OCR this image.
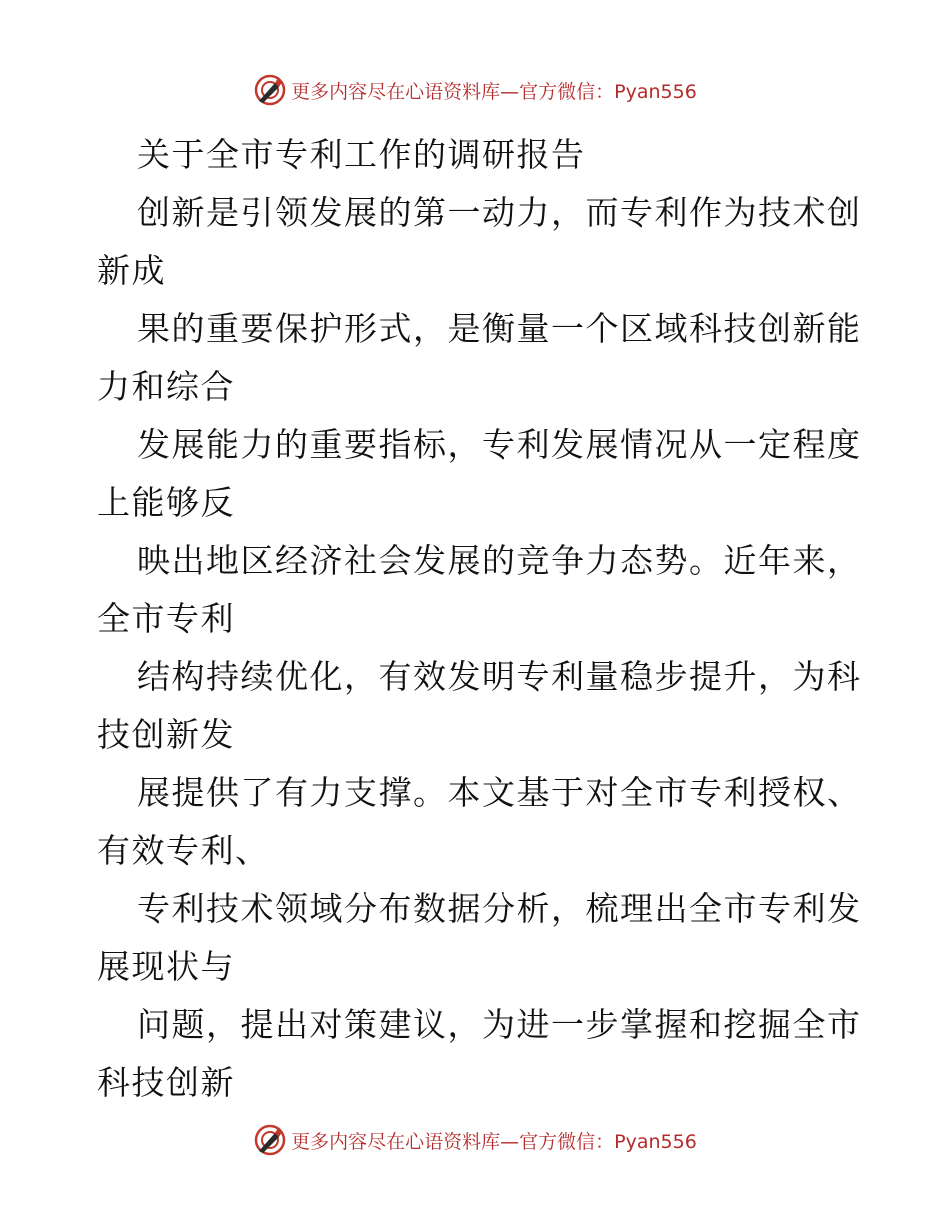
更多内容尽在心语资料库—官方微信：Pyan556
关于全市专利工作的调研报告
创新是引领发展的第一动力，而专利作为技术创
新成
果的重要保护形式，是衡量一个区域科技创新能
力和综合
发展能力的重要指标，专利发展情况从一定程度
上能够反
映出地区经济社会发展的竞争力态势。近年来，
全市专利
结构持续优化，有效发明专利量稳步提升，为科
技创新发
展提供了有力支撑。本文基于对全市专利授权、
有效专利、
专利技术领域分布数据分析，梳理出全市专利发
展现状与
问题，提出对策建议，为进一步掌握和挖掘全市
科技创新
更多内容尽在心语资料库—官方微信：Pyan556
